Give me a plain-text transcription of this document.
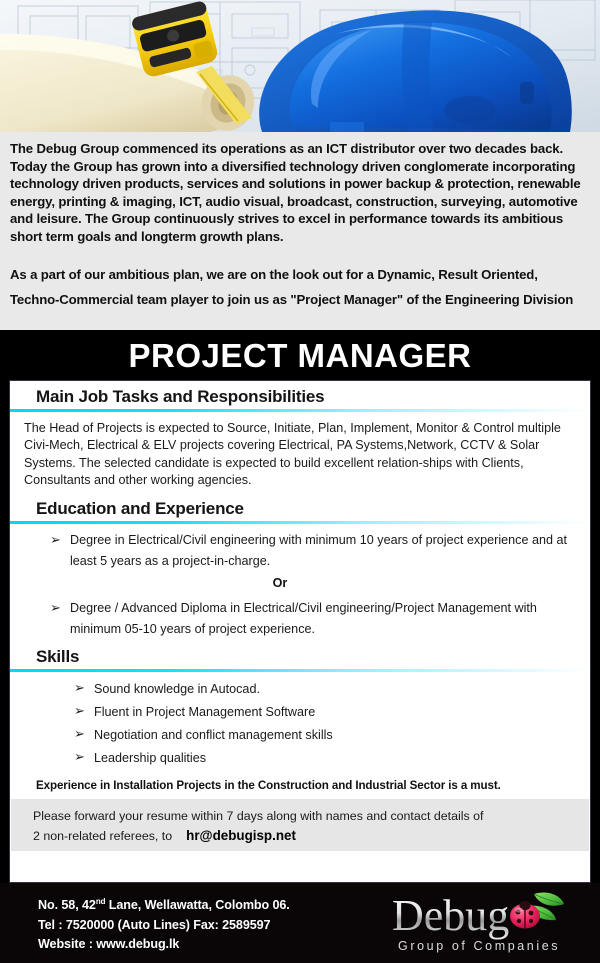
The Debug Group commenced its operations as an ICT distributor over two decades back. Today the Group has grown into a diversified technology driven conglomerate incorporating technology driven products, services and solutions in power backup & protection, renewable energy, printing & imaging, ICT, audio visual, broadcast, construction, surveying, automotive and leisure. The Group continuously strives to excel in performance towards its ambitious short term goals and longterm growth plans.

As a part of our ambitious plan, we are on the look out for a Dynamic, Result Oriented, Techno-Commercial team player to join us as "Project Manager" of the Engineering Division

PROJECT MANAGER
Main Job Tasks and Responsibilities

The Head of Projects is expected to Source, Initiate, Plan, Implement, Monitor & Control multiple Civi-Mech, Electrical & ELV projects covering Electrical, PA Systems,Network, CCTV & Solar Systems. The selected candidate is expected to build excellent relation-ships with Clients, Consultants and other working agencies.

Education and Experience
➢ Degree in Electrical/Civil engineering with minimum 10 years of project experience and at least 5 years as a project-in-charge.

Or

➢ Degree / Advanced Diploma in Electrical/Civil engineering/Project Management with minimum 05-10 years of project experience.
Skills
➢ Sound knowledge in Autocad.
➢ Fluent in Project Management Software
➢ Negotiation and conflict management skills
➢ Leadership qualities
Experience in Installation Projects in the Construction and Industrial Sector is a must.
Please forward your resume within 7 days along with names and contact details of
2 non-related referees, to hr@debugisp.net
No. 58, 42nd Lane, Wellawatta, Colombo 06.
Tel : 7520000 (Auto Lines) Fax: 2589597
Website : www.debug.lk
Debug
Group of Companies
